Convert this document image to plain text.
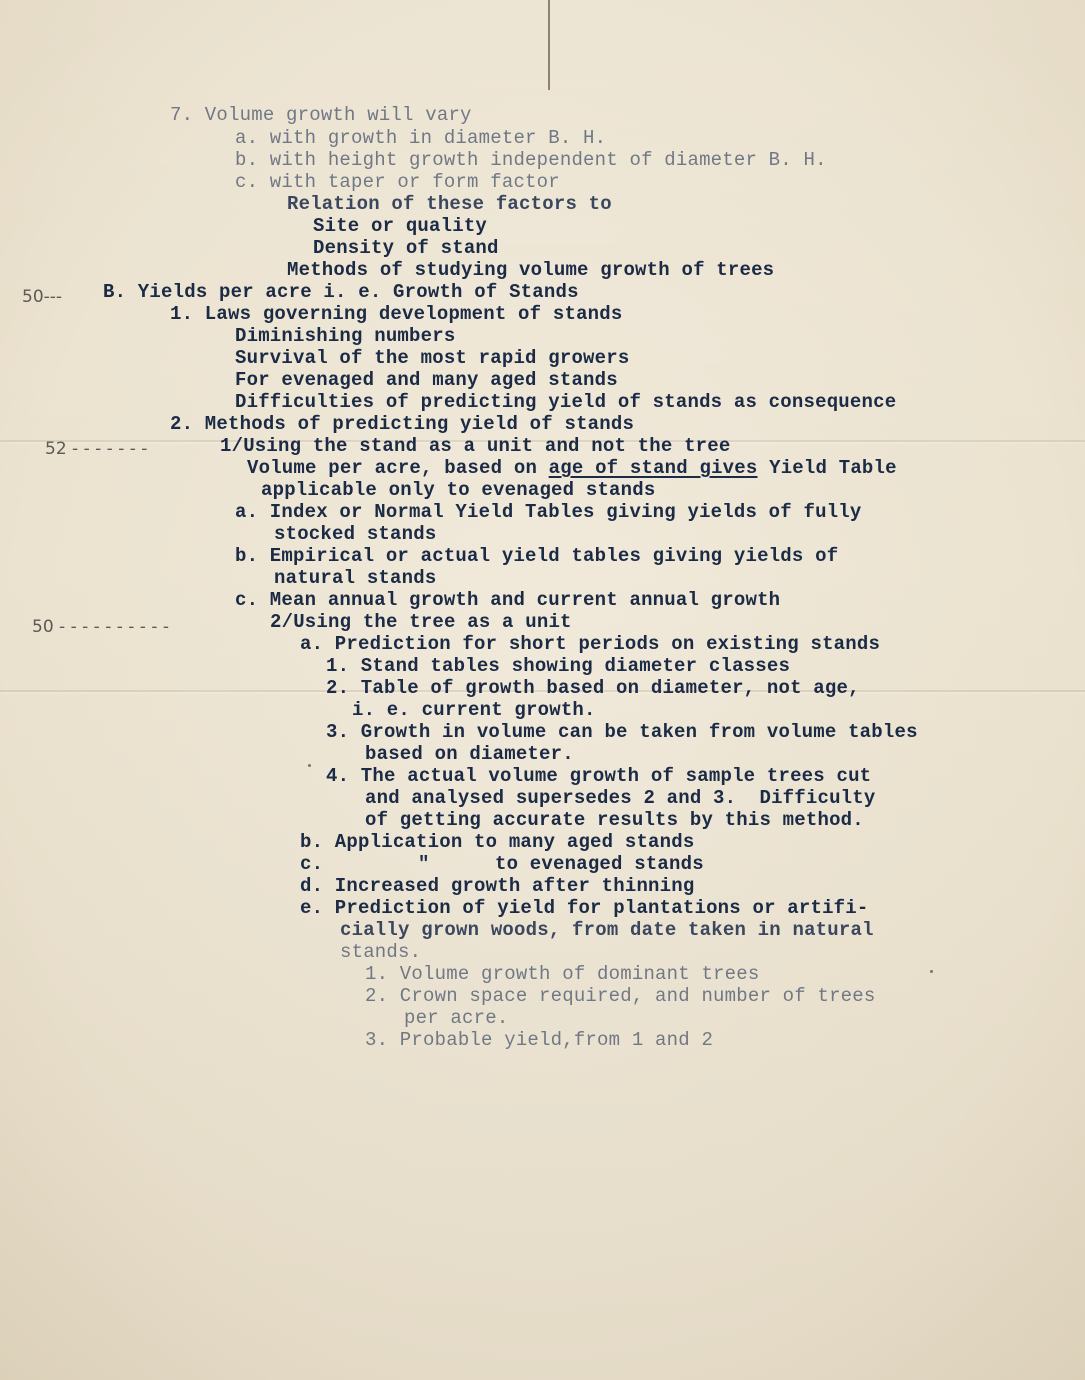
50---
52 - - - - - - -
50 - - - - - - - - - -
7. Volume growth will vary
a. with growth in diameter B. H.
b. with height growth independent of diameter B. H.
c. with taper or form factor
Relation of these factors to
Site or quality
Density of stand
Methods of studying volume growth of trees
B. Yields per acre i. e. Growth of Stands
1. Laws governing development of stands
Diminishing numbers
Survival of the most rapid growers
For evenaged and many aged stands
Difficulties of predicting yield of stands as consequence
2. Methods of predicting yield of stands
1/Using the stand as a unit and not the tree
Volume per acre, based on age of stand gives Yield Table
applicable only to evenaged stands
a. Index or Normal Yield Tables giving yields of fully
stocked stands
b. Empirical or actual yield tables giving yields of
natural stands
c. Mean annual growth and current annual growth
2/Using the tree as a unit
a. Prediction for short periods on existing stands
1. Stand tables showing diameter classes
2. Table of growth based on diameter, not age,
i. e. current growth.
3. Growth in volume can be taken from volume tables
based on diameter.
4. The actual volume growth of sample trees cut
and analysed supersedes 2 and 3.  Difficulty
of getting accurate results by this method.
b. Application to many aged stands
c.	"	to evenaged stands
d. Increased growth after thinning
e. Prediction of yield for plantations or artifi-
cially grown woods, from date taken in natural
stands.
1. Volume growth of dominant trees
2. Crown space required, and number of trees
per acre.
3. Probable yield,from 1 and 2
